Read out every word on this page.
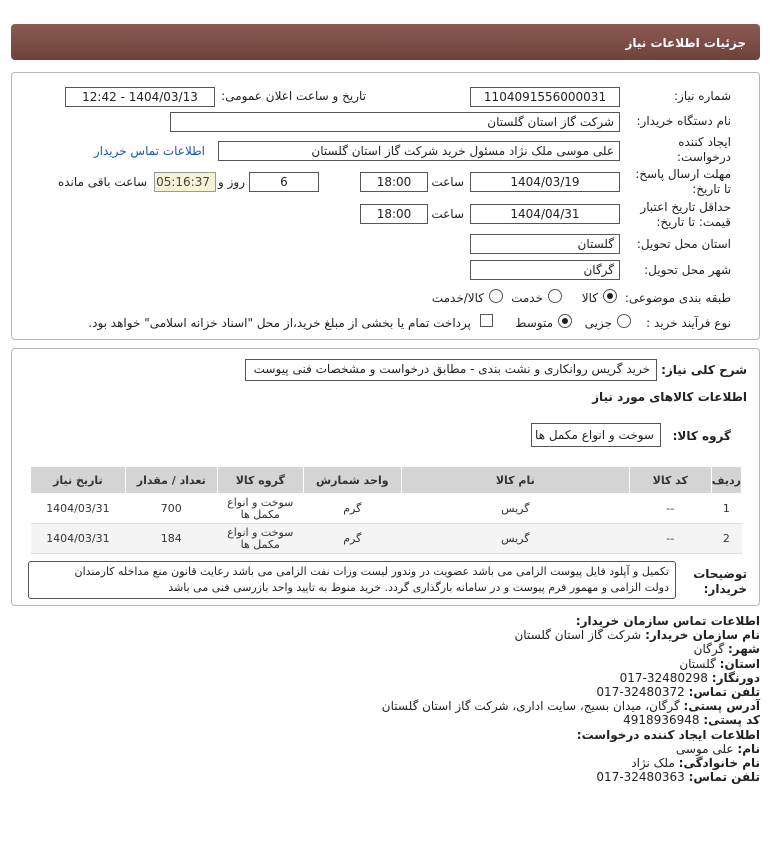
جزئیات اطلاعات نیاز
شماره نیاز:
1104091556000031
تاریخ و ساعت اعلان عمومی:
1404/03/13 - 12:42
نام دستگاه خریدار:
شرکت گاز استان گلستان
ایجاد کننده
درخواست:
علی موسی ملک نژاد مسئول خرید شرکت گاز استان گلستان
اطلاعات تماس خریدار
مهلت ارسال پاسخ:
تا تاریخ:
1404/03/19
ساعت
18:00
6
روز و
05:16:37
ساعت باقی مانده
حداقل تاریخ اعتبار
قیمت: تا تاریخ:
1404/04/31
ساعت
18:00
استان محل تحویل:
گلستان
شهر محل تحویل:
گرگان
طبقه بندی موضوعی:
کالا
خدمت
کالا/خدمت
نوع فرآیند خرید :
جزیی
متوسط
پرداخت تمام یا بخشی از مبلغ خرید،از محل "اسناد خزانه اسلامی" خواهد بود.
شرح کلی نیاز:
خرید گریس روانکاری و نشت بندی - مطابق درخواست و مشخصات فنی پیوست
اطلاعات کالاهای مورد نیاز
گروه کالا:
سوخت و انواع مکمل ها
ردیف	کد کالا	نام کالا	واحد شمارش	گروه کالا	تعداد / مقدار	تاریخ نیاز
1	--	گریس	گرم	سوخت و انواع مکمل ها	700	1404/03/31
2	--	گریس	گرم	سوخت و انواع مکمل ها	184	1404/03/31
توضیحات
خریدار:
تکمیل و آپلود فایل پیوست الزامی می باشد عضویت در وندور لیست وزات نفت الزامی می باشد رعایت قانون منع مداخله کارمندان
دولت الزامی و مهمور فرم پیوست و در سامانه بارگذاری گردد. خرید منوط به تایید واحد بازرسی فنی می باشد
اطلاعات تماس سازمان خریدار:
نام سازمان خریدار: شرکت گاز استان گلستان
شهر: گرگان
استان: گلستان
دورنگار: 017-32480298
تلفن تماس: 017-32480372
آدرس پستی: گرگان، میدان بسیج، سایت اداری، شرکت گاز استان گلستان
کد پستی: 4918936948
اطلاعات ایجاد کننده درخواست:
نام: علی موسی
نام خانوادگی: ملک نژاد
تلفن تماس: 017-32480363
